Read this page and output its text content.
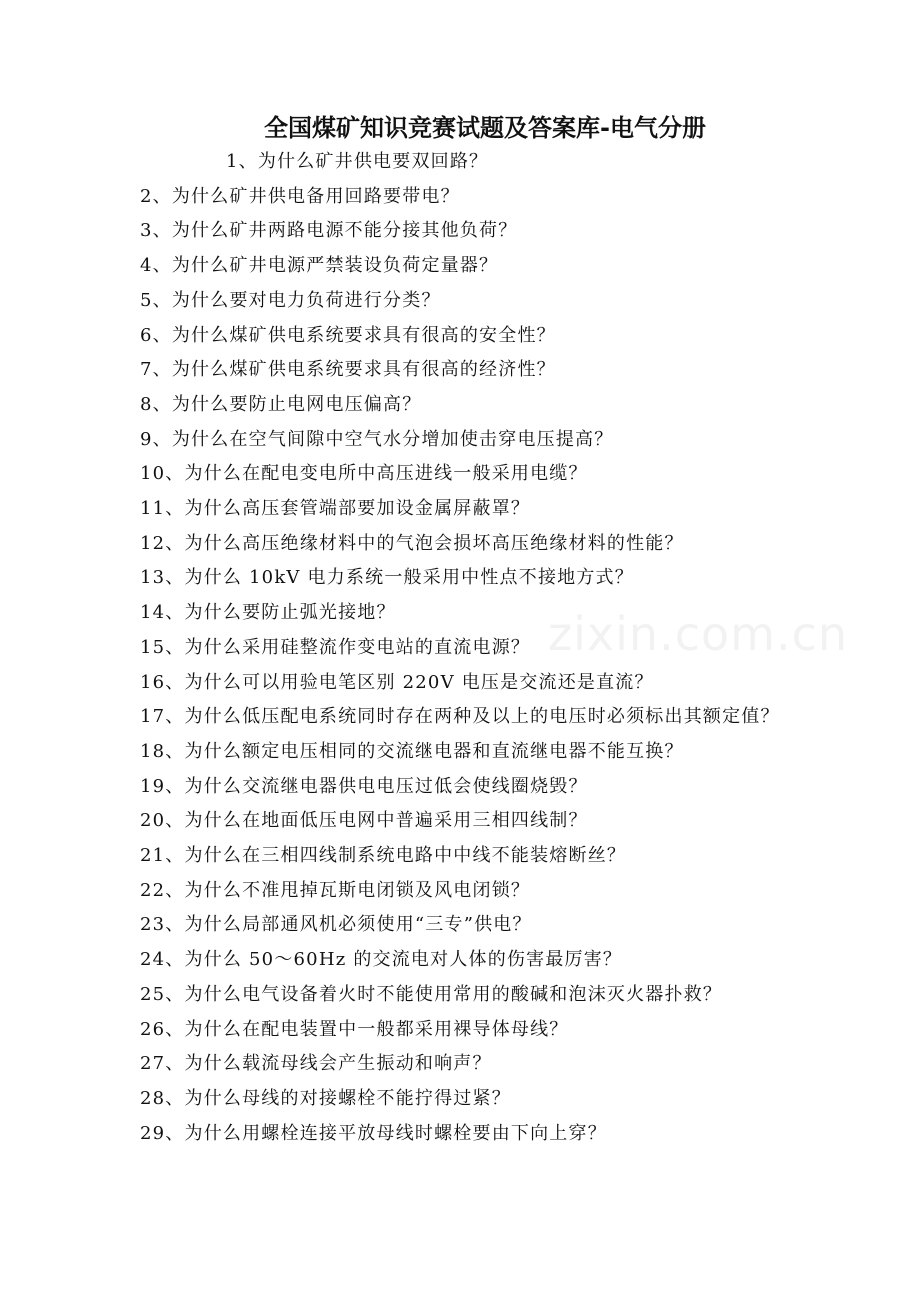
全国煤矿知识竞赛试题及答案库-电气分册
1、为什么矿井供电要双回路？
2、为什么矿井供电备用回路要带电？
3、为什么矿井两路电源不能分接其他负荷？
4、为什么矿井电源严禁装设负荷定量器？
5、为什么要对电力负荷进行分类？
6、为什么煤矿供电系统要求具有很高的安全性？
7、为什么煤矿供电系统要求具有很高的经济性？
8、为什么要防止电网电压偏高？
9、为什么在空气间隙中空气水分增加使击穿电压提高？
10、为什么在配电变电所中高压进线一般采用电缆？
11、为什么高压套管端部要加设金属屏蔽罩？
12、为什么高压绝缘材料中的气泡会损坏高压绝缘材料的性能？
13、为什么 10kV 电力系统一般采用中性点不接地方式？
14、为什么要防止弧光接地？
15、为什么采用硅整流作变电站的直流电源？
16、为什么可以用验电笔区别 220V 电压是交流还是直流？
17、为什么低压配电系统同时存在两种及以上的电压时必须标出其额定值？
18、为什么额定电压相同的交流继电器和直流继电器不能互换？
19、为什么交流继电器供电电压过低会使线圈烧毁？
20、为什么在地面低压电网中普遍采用三相四线制？
21、为什么在三相四线制系统电路中中线不能装熔断丝？
22、为什么不准甩掉瓦斯电闭锁及风电闭锁？
23、为什么局部通风机必须使用“三专”供电？
24、为什么 50～60Hz 的交流电对人体的伤害最厉害？
25、为什么电气设备着火时不能使用常用的酸碱和泡沫灭火器扑救？
26、为什么在配电装置中一般都采用裸导体母线？
27、为什么载流母线会产生振动和响声？
28、为什么母线的对接螺栓不能拧得过紧？
29、为什么用螺栓连接平放母线时螺栓要由下向上穿？
zixin.com.cn
